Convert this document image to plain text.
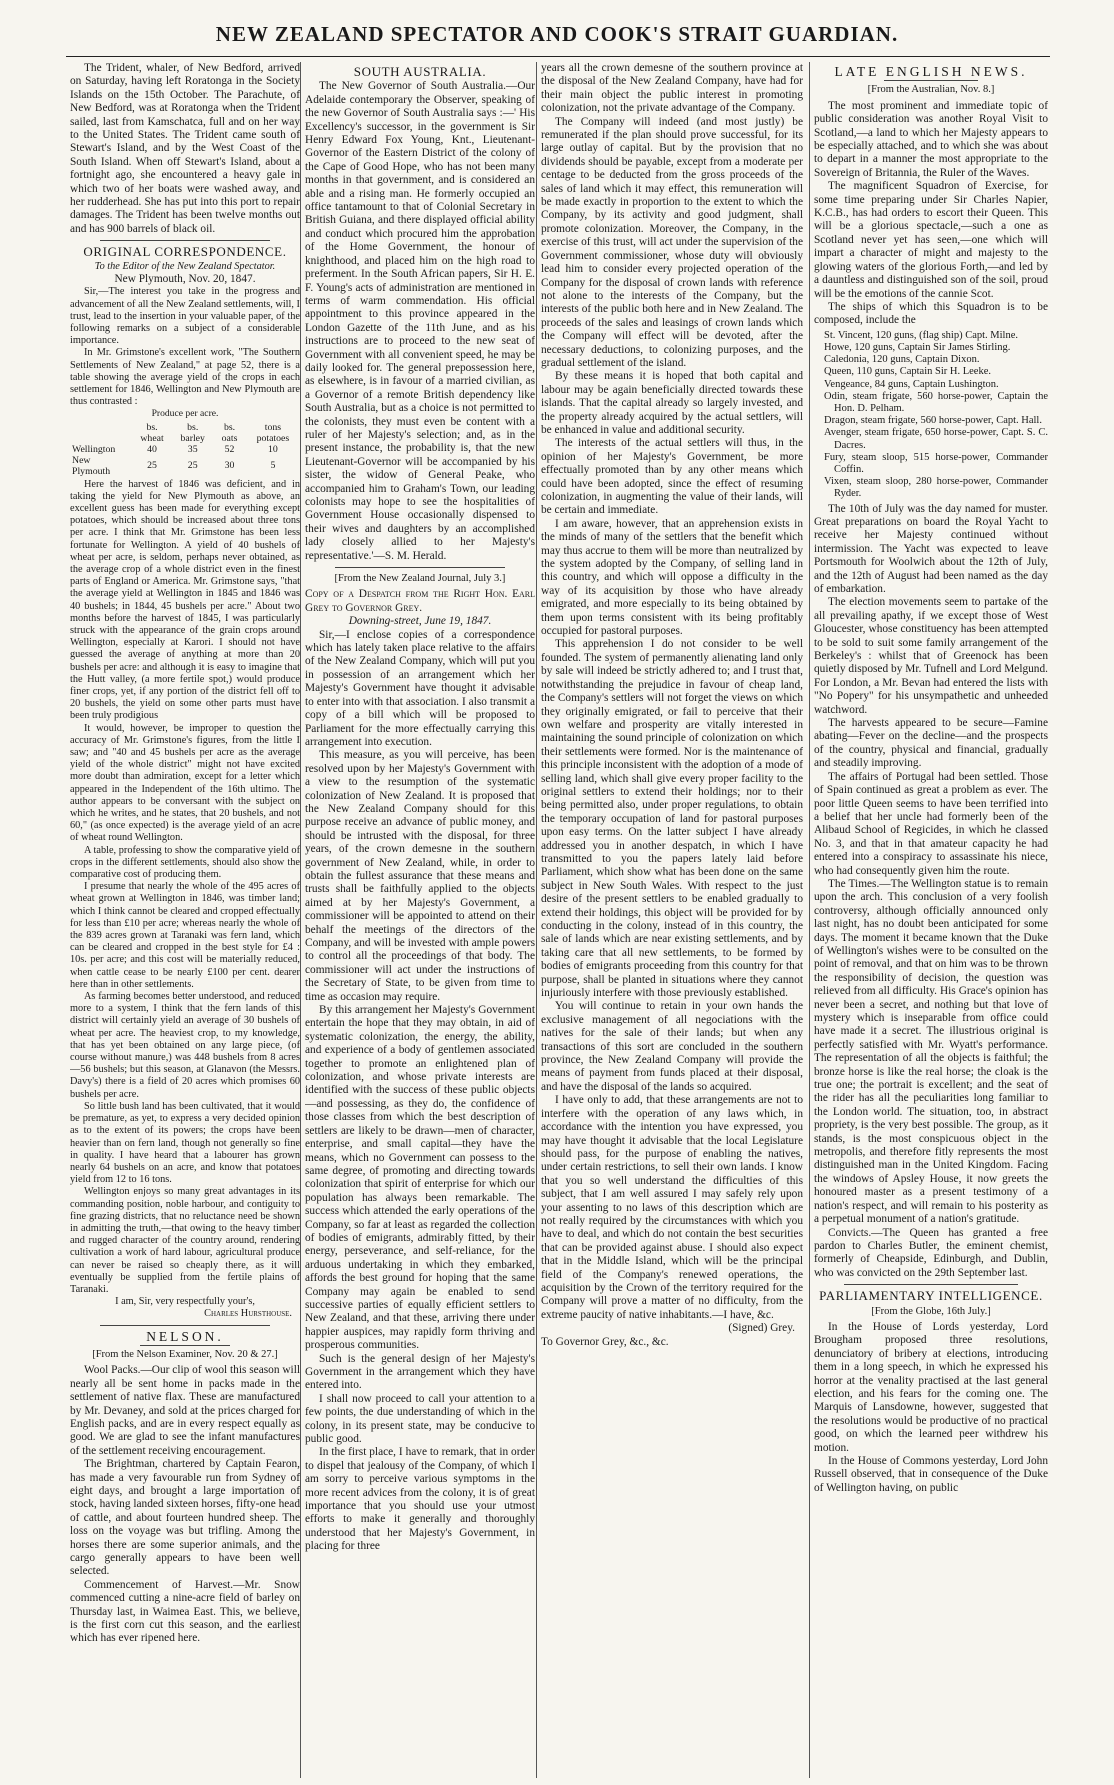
NEW ZEALAND SPECTATOR AND COOK'S STRAIT GUARDIAN.

The Trident, whaler, of New Bedford, arrived on Saturday, having left Roratonga in the Society Islands on the 15th October. The Parachute, of New Bedford, was at Roratonga when the Trident sailed, last from Kamschatca, full and on her way to the United States. The Trident came south of Stewart's Island, and by the West Coast of the South Island. When off Stewart's Island, about a fortnight ago, she encountered a heavy gale in which two of her boats were washed away, and her rudderhead. She has put into this port to repair damages. The Trident has been twelve months out and has 900 barrels of black oil.

ORIGINAL CORRESPONDENCE.

To the Editor of the New Zealand Spectator.

New Plymouth, Nov. 20, 1847.

Sir,—The interest you take in the progress and advancement of all the New Zealand settlements, will, I trust, lead to the insertion in your valuable paper, of the following remarks on a subject of a considerable importance.

In Mr. Grimstone's excellent work, "The Southern Settlements of New Zealand," at page 52, there is a table showing the average yield of the crops in each settlement for 1846, Wellington and New Plymouth are thus contrasted :

Produce per acre.

	bs. wheat	bs. barley	bs. oats	tons potatoes
Wellington	40	35	52	10
New Plymouth	25	25	30	5

Here the harvest of 1846 was deficient, and in taking the yield for New Plymouth as above, an excellent guess has been made for everything except potatoes, which should be increased about three tons per acre. I think that Mr. Grimstone has been less fortunate for Wellington. A yield of 40 bushels of wheat per acre, is seldom, perhaps never obtained, as the average crop of a whole district even in the finest parts of England or America. Mr. Grimstone says, "that the average yield at Wellington in 1845 and 1846 was 40 bushels; in 1844, 45 bushels per acre." About two months before the harvest of 1845, I was particularly struck with the appearance of the grain crops around Wellington, especially at Karori. I should not have guessed the average of anything at more than 20 bushels per acre: and although it is easy to imagine that the Hutt valley, (a more fertile spot,) would produce finer crops, yet, if any portion of the district fell off to 20 bushels, the yield on some other parts must have been truly prodigious

It would, however, be improper to question the accuracy of Mr. Grimstone's figures, from the little I saw; and "40 and 45 bushels per acre as the average yield of the whole district" might not have excited more doubt than admiration, except for a letter which appeared in the Independent of the 16th ultimo. The author appears to be conversant with the subject on which he writes, and he states, that 20 bushels, and not 60," (as once expected) is the average yield of an acre of wheat round Wellington.

A table, professing to show the comparative yield of crops in the different settlements, should also show the comparative cost of producing them.

I presume that nearly the whole of the 495 acres of wheat grown at Wellington in 1846, was timber land; which I think cannot be cleared and cropped effectually for less than £10 per acre; whereas nearly the whole of the 839 acres grown at Taranaki was fern land, which can be cleared and cropped in the best style for £4 : 10s. per acre; and this cost will be materially reduced, when cattle cease to be nearly £100 per cent. dearer here than in other settlements.

As farming becomes better understood, and reduced more to a system, I think that the fern lands of this district will certainly yield an average of 30 bushels of wheat per acre. The heaviest crop, to my knowledge, that has yet been obtained on any large piece, (of course without manure,) was 448 bushels from 8 acres—56 bushels; but this season, at Glanavon (the Messrs. Davy's) there is a field of 20 acres which promises 60 bushels per acre.

So little bush land has been cultivated, that it would be premature, as yet, to express a very decided opinion as to the extent of its powers; the crops have been heavier than on fern land, though not generally so fine in quality. I have heard that a labourer has grown nearly 64 bushels on an acre, and know that potatoes yield from 12 to 16 tons.

Wellington enjoys so many great advantages in its commanding position, noble harbour, and contiguity to fine grazing districts, that no reluctance need be shown in admitting the truth,—that owing to the heavy timber and rugged character of the country around, rendering cultivation a work of hard labour, agricultural produce can never be raised so cheaply there, as it will eventually be supplied from the fertile plains of Taranaki.

I am, Sir, very respectfully your's,

Charles Hursthouse.

NELSON.

[From the Nelson Examiner, Nov. 20 & 27.]

Wool Packs.—Our clip of wool this season will nearly all be sent home in packs made in the settlement of native flax. These are manufactured by Mr. Devaney, and sold at the prices charged for English packs, and are in every respect equally as good. We are glad to see the infant manufactures of the settlement receiving encouragement.

The Brightman, chartered by Captain Fearon, has made a very favourable run from Sydney of eight days, and brought a large importation of stock, having landed sixteen horses, fifty-one head of cattle, and about fourteen hundred sheep. The loss on the voyage was but trifling. Among the horses there are some superior animals, and the cargo generally appears to have been well selected.

Commencement of Harvest.—Mr. Snow commenced cutting a nine-acre field of barley on Thursday last, in Waimea East. This, we believe, is the first corn cut this season, and the earliest which has ever ripened here.

SOUTH AUSTRALIA.

The New Governor of South Australia.—Our Adelaide contemporary the Observer, speaking of the new Governor of South Australia says :—' His Excellency's successor, in the government is Sir Henry Edward Fox Young, Knt., Lieutenant-Governor of the Eastern District of the colony of the Cape of Good Hope, who has not been many months in that government, and is considered an able and a rising man. He formerly occupied an office tantamount to that of Colonial Secretary in British Guiana, and there displayed official ability and conduct which procured him the approbation of the Home Government, the honour of knighthood, and placed him on the high road to preferment. In the South African papers, Sir H. E. F. Young's acts of administration are mentioned in terms of warm commendation. His official appointment to this province appeared in the London Gazette of the 11th June, and as his instructions are to proceed to the new seat of Government with all convenient speed, he may be daily looked for. The general prepossession here, as elsewhere, is in favour of a married civilian, as a Governor of a remote British dependency like South Australia, but as a choice is not permitted to the colonists, they must even be content with a ruler of her Majesty's selection; and, as in the present instance, the probability is, that the new Lieutenant-Governor will be accompanied by his sister, the widow of General Peake, who accompanied him to Graham's Town, our leading colonists may hope to see the hospitalities of Government House occasionally dispensed to their wives and daughters by an accomplished lady closely allied to her Majesty's representative.'—S. M. Herald.

[From the New Zealand Journal, July 3.]

Copy of a Despatch from the Right Hon. Earl Grey to Governor Grey.

Downing-street, June 19, 1847.

Sir,—I enclose copies of a correspondence which has lately taken place relative to the affairs of the New Zealand Company, which will put you in possession of an arrangement which her Majesty's Government have thought it advisable to enter into with that association. I also transmit a copy of a bill which will be proposed to Parliament for the more effectually carrying this arrangement into execution.

This measure, as you will perceive, has been resolved upon by her Majesty's Government with a view to the resumption of the systematic colonization of New Zealand. It is proposed that the New Zealand Company should for this purpose receive an advance of public money, and should be intrusted with the disposal, for three years, of the crown demesne in the southern government of New Zealand, while, in order to obtain the fullest assurance that these means and trusts shall be faithfully applied to the objects aimed at by her Majesty's Government, a commissioner will be appointed to attend on their behalf the meetings of the directors of the Company, and will be invested with ample powers to control all the proceedings of that body. The commissioner will act under the instructions of the Secretary of State, to be given from time to time as occasion may require.

By this arrangement her Majesty's Government entertain the hope that they may obtain, in aid of systematic colonization, the energy, the ability, and experience of a body of gentlemen associated together to promote an enlightened plan of colonization, and whose private interests are identified with the success of these public objects—and possessing, as they do, the confidence of those classes from which the best description of settlers are likely to be drawn—men of character, enterprise, and small capital—they have the means, which no Government can possess to the same degree, of promoting and directing towards colonization that spirit of enterprise for which our population has always been remarkable. The success which attended the early operations of the Company, so far at least as regarded the collection of bodies of emigrants, admirably fitted, by their energy, perseverance, and self-reliance, for the arduous undertaking in which they embarked, affords the best ground for hoping that the same Company may again be enabled to send successive parties of equally efficient settlers to New Zealand, and that these, arriving there under happier auspices, may rapidly form thriving and prosperous communities.

Such is the general design of her Majesty's Government in the arrangement which they have entered into.

I shall now proceed to call your attention to a few points, the due understanding of which in the colony, in its present state, may be conducive to public good.

In the first place, I have to remark, that in order to dispel that jealousy of the Company, of which I am sorry to perceive various symptoms in the more recent advices from the colony, it is of great importance that you should use your utmost efforts to make it generally and thoroughly understood that her Majesty's Government, in placing for three

years all the crown demesne of the southern province at the disposal of the New Zealand Company, have had for their main object the public interest in promoting colonization, not the private advantage of the Company.

The Company will indeed (and most justly) be remunerated if the plan should prove successful, for its large outlay of capital. But by the provision that no dividends should be payable, except from a moderate per centage to be deducted from the gross proceeds of the sales of land which it may effect, this remuneration will be made exactly in proportion to the extent to which the Company, by its activity and good judgment, shall promote colonization. Moreover, the Company, in the exercise of this trust, will act under the supervision of the Government commissioner, whose duty will obviously lead him to consider every projected operation of the Company for the disposal of crown lands with reference not alone to the interests of the Company, but the interests of the public both here and in New Zealand. The proceeds of the sales and leasings of crown lands which the Company will effect will be devoted, after the necessary deductions, to colonizing purposes, and the gradual settlement of the island.

By these means it is hoped that both capital and labour may be again beneficially directed towards these islands. That the capital already so largely invested, and the property already acquired by the actual settlers, will be enhanced in value and additional security.

The interests of the actual settlers will thus, in the opinion of her Majesty's Government, be more effectually promoted than by any other means which could have been adopted, since the effect of resuming colonization, in augmenting the value of their lands, will be certain and immediate.

I am aware, however, that an apprehension exists in the minds of many of the settlers that the benefit which may thus accrue to them will be more than neutralized by the system adopted by the Company, of selling land in this country, and which will oppose a difficulty in the way of its acquisition by those who have already emigrated, and more especially to its being obtained by them upon terms consistent with its being profitably occupied for pastoral purposes.

This apprehension I do not consider to be well founded. The system of permanently alienating land only by sale will indeed be strictly adhered to; and I trust that, notwithstanding the prejudice in favour of cheap land, the Company's settlers will not forget the views on which they originally emigrated, or fail to perceive that their own welfare and prosperity are vitally interested in maintaining the sound principle of colonization on which their settlements were formed. Nor is the maintenance of this principle inconsistent with the adoption of a mode of selling land, which shall give every proper facility to the original settlers to extend their holdings; nor to their being permitted also, under proper regulations, to obtain the temporary occupation of land for pastoral purposes upon easy terms. On the latter subject I have already addressed you in another despatch, in which I have transmitted to you the papers lately laid before Parliament, which show what has been done on the same subject in New South Wales. With respect to the just desire of the present settlers to be enabled gradually to extend their holdings, this object will be provided for by conducting in the colony, instead of in this country, the sale of lands which are near existing settlements, and by taking care that all new settlements, to be formed by bodies of emigrants proceeding from this country for that purpose, shall be planted in situations where they cannot injuriously interfere with those previously established.

You will continue to retain in your own hands the exclusive management of all negociations with the natives for the sale of their lands; but when any transactions of this sort are concluded in the southern province, the New Zealand Company will provide the means of payment from funds placed at their disposal, and have the disposal of the lands so acquired.

I have only to add, that these arrangements are not to interfere with the operation of any laws which, in accordance with the intention you have expressed, you may have thought it advisable that the local Legislature should pass, for the purpose of enabling the natives, under certain restrictions, to sell their own lands. I know that you so well understand the difficulties of this subject, that I am well assured I may safely rely upon your assenting to no laws of this description which are not really required by the circumstances with which you have to deal, and which do not contain the best securities that can be provided against abuse. I should also expect that in the Middle Island, which will be the principal field of the Company's renewed operations, the acquisition by the Crown of the territory required for the Company will prove a matter of no difficulty, from the extreme paucity of native inhabitants.—I have, &c.

(Signed) Grey.

To Governor Grey, &c., &c.

LATE ENGLISH NEWS.

[From the Australian, Nov. 8.]

The most prominent and immediate topic of public consideration was another Royal Visit to Scotland,—a land to which her Majesty appears to be especially attached, and to which she was about to depart in a manner the most appropriate to the Sovereign of Britannia, the Ruler of the Waves.

The magnificent Squadron of Exercise, for some time preparing under Sir Charles Napier, K.C.B., has had orders to escort their Queen. This will be a glorious spectacle,—such a one as Scotland never yet has seen,—one which will impart a character of might and majesty to the glowing waters of the glorious Forth,—and led by a dauntless and distinguished son of the soil, proud will be the emotions of the cannie Scot.

The ships of which this Squadron is to be composed, include the

St. Vincent, 120 guns, (flag ship) Capt. Milne.
Howe, 120 guns, Captain Sir James Stirling.
Caledonia, 120 guns, Captain Dixon.
Queen, 110 guns, Captain Sir H. Leeke.
Vengeance, 84 guns, Captain Lushington.
Odin, steam frigate, 560 horse-power, Captain the Hon. D. Pelham.
Dragon, steam frigate, 560 horse-power, Capt. Hall.
Avenger, steam frigate, 650 horse-power, Capt. S. C. Dacres.
Fury, steam sloop, 515 horse-power, Commander Coffin.
Vixen, steam sloop, 280 horse-power, Commander Ryder.

The 10th of July was the day named for muster. Great preparations on board the Royal Yacht to receive her Majesty continued without intermission. The Yacht was expected to leave Portsmouth for Woolwich about the 12th of July, and the 12th of August had been named as the day of embarkation.

The election movements seem to partake of the all prevailing apathy, if we except those of West Gloucester, whose constituency has been attempted to be sold to suit some family arrangement of the Berkeley's : whilst that of Greenock has been quietly disposed by Mr. Tufnell and Lord Melgund. For London, a Mr. Bevan had entered the lists with "No Popery" for his unsympathetic and unheeded watchword.

The harvests appeared to be secure—Famine abating—Fever on the decline—and the prospects of the country, physical and financial, gradually and steadily improving.

The affairs of Portugal had been settled. Those of Spain continued as great a problem as ever. The poor little Queen seems to have been terrified into a belief that her uncle had formerly been of the Alibaud School of Regicides, in which he classed No. 3, and that in that amateur capacity he had entered into a conspiracy to assassinate his niece, who had consequently given him the route.

The Times.—The Wellington statue is to remain upon the arch. This conclusion of a very foolish controversy, although officially announced only last night, has no doubt been anticipated for some days. The moment it became known that the Duke of Wellington's wishes were to be consulted on the point of removal, and that on him was to be thrown the responsibility of decision, the question was relieved from all difficulty. His Grace's opinion has never been a secret, and nothing but that love of mystery which is inseparable from office could have made it a secret. The illustrious original is perfectly satisfied with Mr. Wyatt's performance. The representation of all the objects is faithful; the bronze horse is like the real horse; the cloak is the true one; the portrait is excellent; and the seat of the rider has all the peculiarities long familiar to the London world. The situation, too, in abstract propriety, is the very best possible. The group, as it stands, is the most conspicuous object in the metropolis, and therefore fitly represents the most distinguished man in the United Kingdom. Facing the windows of Apsley House, it now greets the honoured master as a present testimony of a nation's respect, and will remain to his posterity as a perpetual monument of a nation's gratitude.

Convicts.—The Queen has granted a free pardon to Charles Butler, the eminent chemist, formerly of Cheapside, Edinburgh, and Dublin, who was convicted on the 29th September last.

PARLIAMENTARY INTELLIGENCE.

[From the Globe, 16th July.]

In the House of Lords yesterday, Lord Brougham proposed three resolutions, denunciatory of bribery at elections, introducing them in a long speech, in which he expressed his horror at the venality practised at the last general election, and his fears for the coming one. The Marquis of Lansdowne, however, suggested that the resolutions would be productive of no practical good, on which the learned peer withdrew his motion.

In the House of Commons yesterday, Lord John Russell observed, that in consequence of the Duke of Wellington having, on public
